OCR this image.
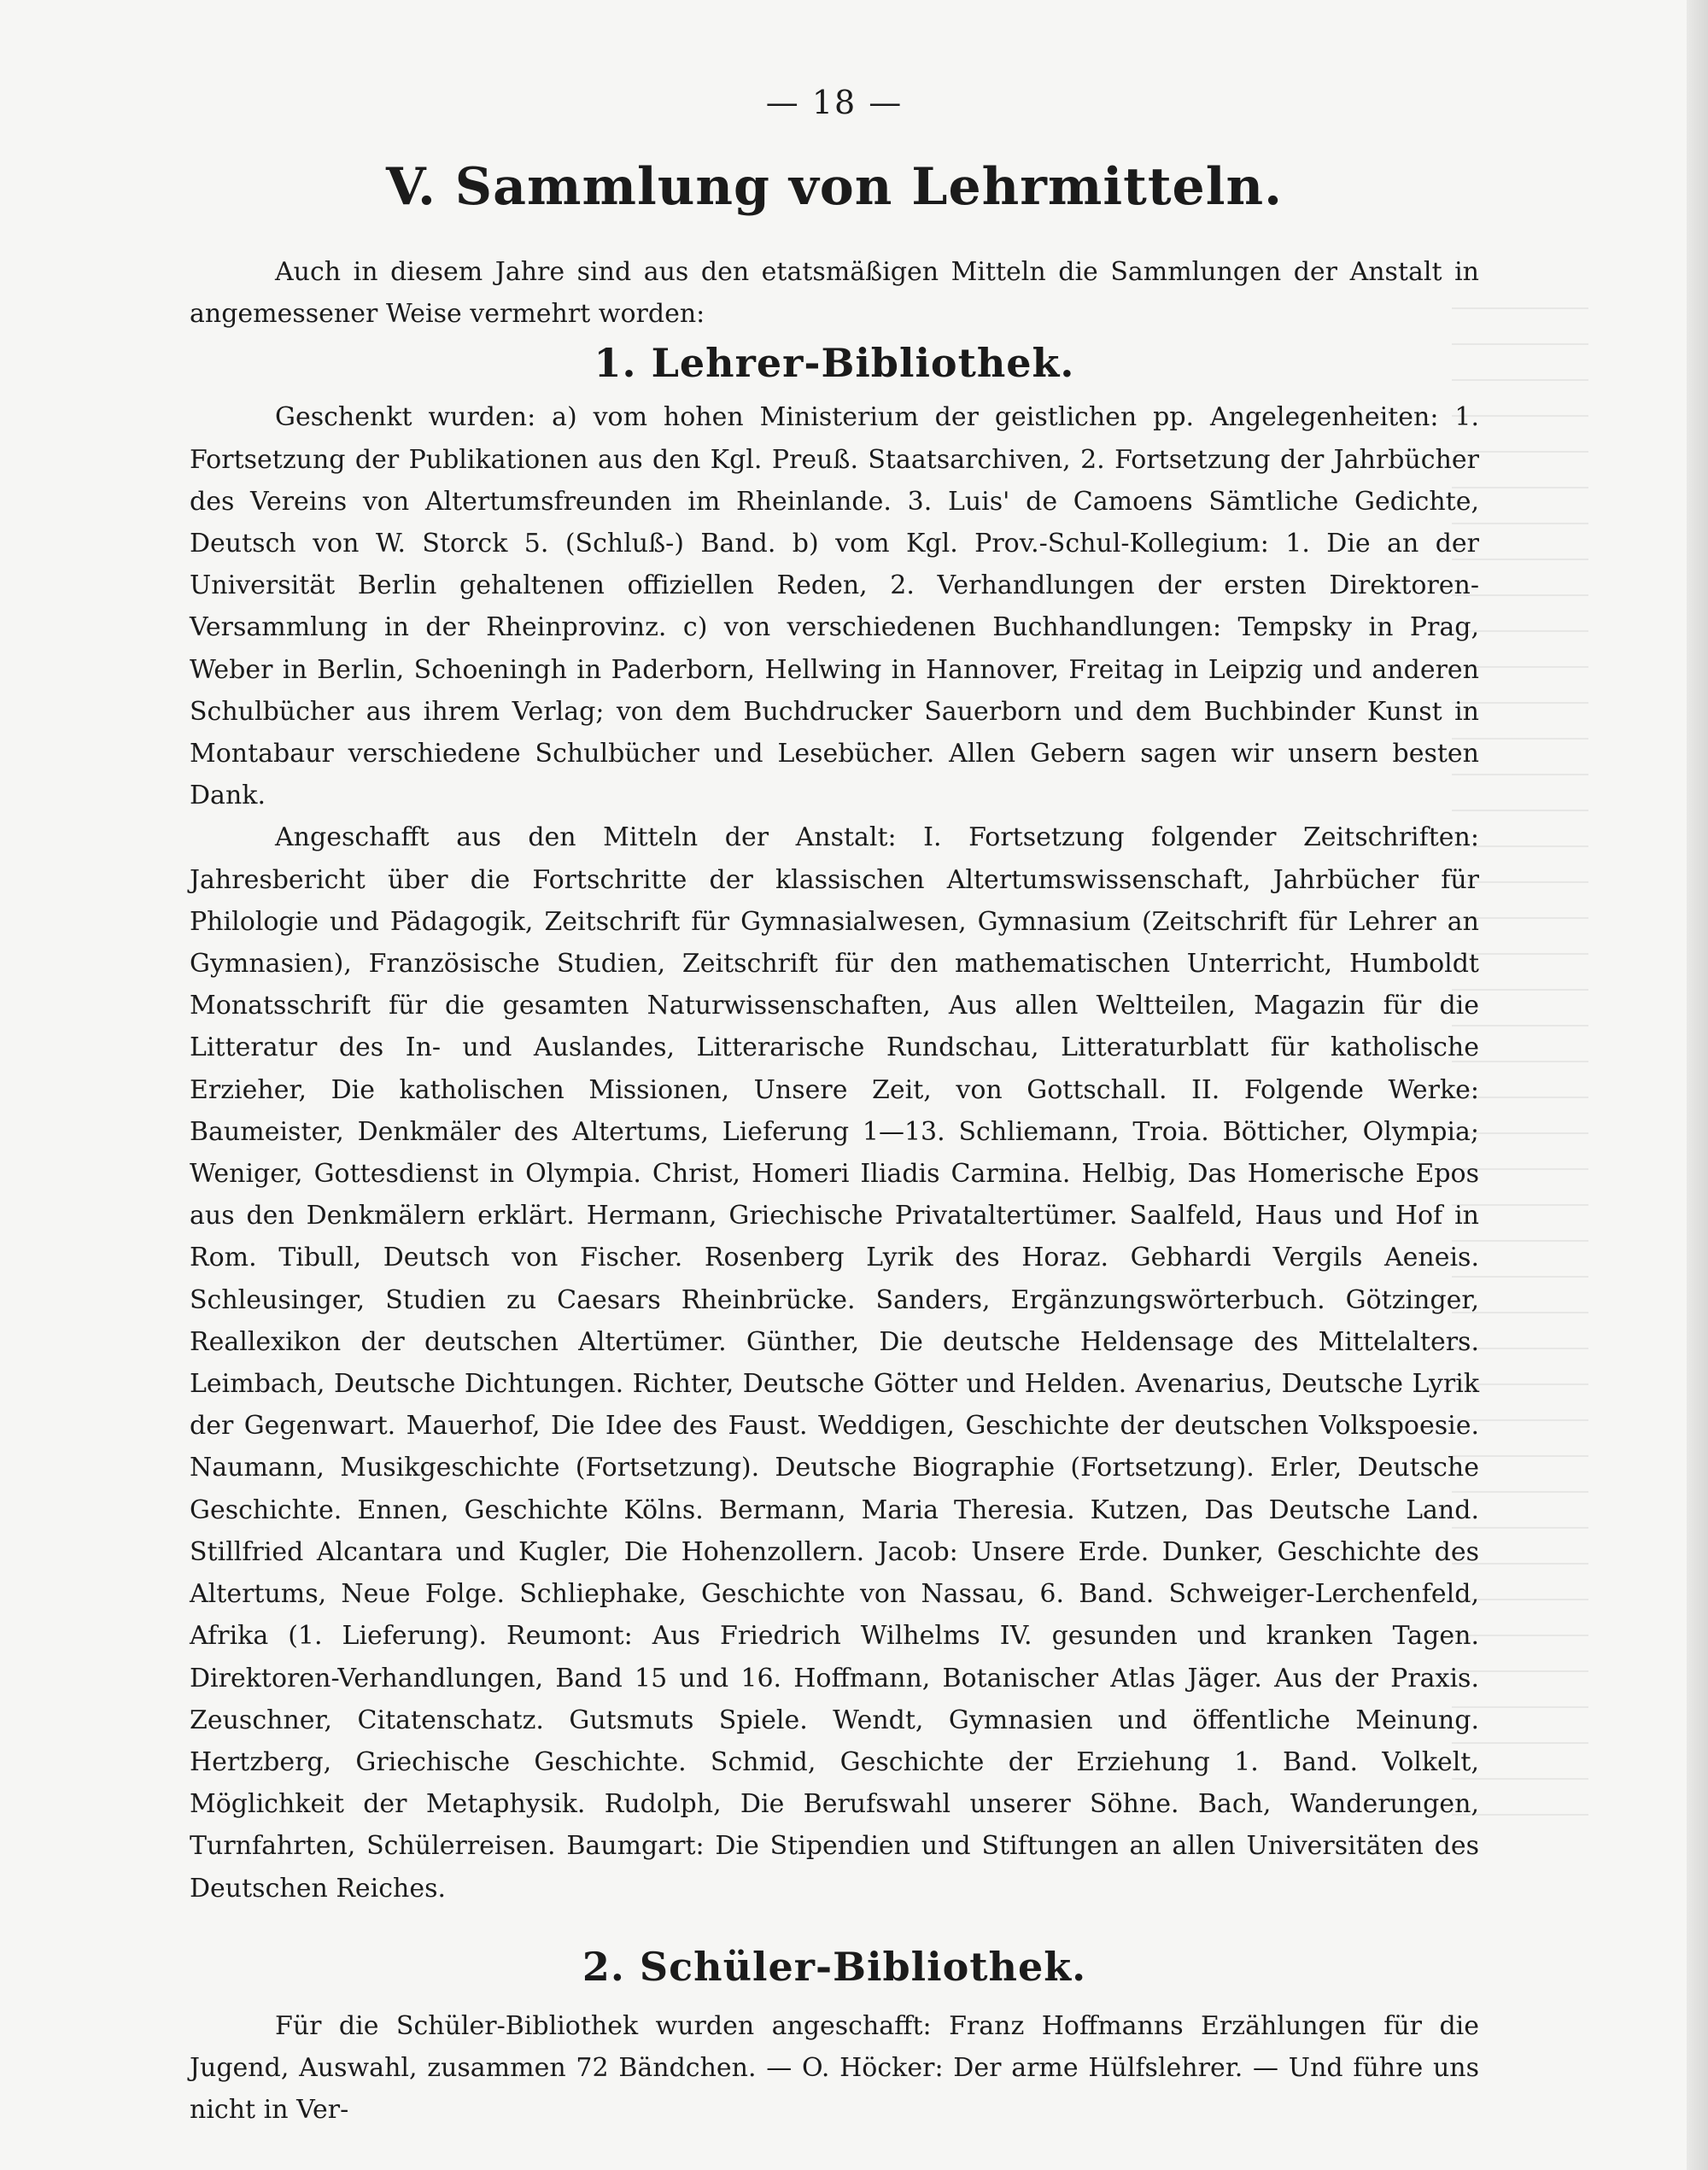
— 18 —
V. Sammlung von Lehrmitteln.

Auch in diesem Jahre sind aus den etatsmäßigen Mitteln die Sammlungen der Anstalt in angemessener Weise vermehrt worden:

1. Lehrer-Bibliothek.

Geschenkt wurden: a) vom hohen Ministerium der geistlichen pp. Angelegenheiten: 1. Fortsetzung der Publikationen aus den Kgl. Preuß. Staatsarchiven, 2. Fortsetzung der Jahrbücher des Vereins von Altertumsfreunden im Rheinlande. 3. Luis' de Camoens Sämtliche Gedichte, Deutsch von W. Storck 5. (Schluß-) Band. b) vom Kgl. Prov.-Schul-Kollegium: 1. Die an der Universität Berlin gehaltenen offiziellen Reden, 2. Verhandlungen der ersten Direktoren-Versammlung in der Rheinprovinz. c) von verschiedenen Buchhandlungen: Tempsky in Prag, Weber in Berlin, Schoeningh in Paderborn, Hellwing in Hannover, Freitag in Leipzig und anderen Schulbücher aus ihrem Verlag; von dem Buchdrucker Sauerborn und dem Buchbinder Kunst in Montabaur verschiedene Schulbücher und Lesebücher. Allen Gebern sagen wir unsern besten Dank.

Angeschafft aus den Mitteln der Anstalt: I. Fortsetzung folgender Zeitschriften: Jahresbericht über die Fortschritte der klassischen Altertumswissenschaft, Jahrbücher für Philologie und Pädagogik, Zeitschrift für Gymnasialwesen, Gymnasium (Zeitschrift für Lehrer an Gymnasien), Französische Studien, Zeitschrift für den mathematischen Unterricht, Humboldt Monatsschrift für die gesamten Naturwissenschaften, Aus allen Weltteilen, Magazin für die Litteratur des In- und Auslandes, Litterarische Rundschau, Litteraturblatt für katholische Erzieher, Die katholischen Missionen, Unsere Zeit, von Gottschall. II. Folgende Werke: Baumeister, Denkmäler des Altertums, Lieferung 1—13. Schliemann, Troia. Bötticher, Olympia; Weniger, Gottesdienst in Olympia. Christ, Homeri Iliadis Carmina. Helbig, Das Homerische Epos aus den Denkmälern erklärt. Hermann, Griechische Privataltertümer. Saalfeld, Haus und Hof in Rom. Tibull, Deutsch von Fischer. Rosenberg Lyrik des Horaz. Gebhardi Vergils Aeneis. Schleusinger, Studien zu Caesars Rheinbrücke. Sanders, Ergänzungswörterbuch. Götzinger, Reallexikon der deutschen Altertümer. Günther, Die deutsche Heldensage des Mittelalters. Leimbach, Deutsche Dichtungen. Richter, Deutsche Götter und Helden. Avenarius, Deutsche Lyrik der Gegenwart. Mauerhof, Die Idee des Faust. Weddigen, Geschichte der deutschen Volkspoesie. Naumann, Musikgeschichte (Fortsetzung). Deutsche Biographie (Fortsetzung). Erler, Deutsche Geschichte. Ennen, Geschichte Kölns. Bermann, Maria Theresia. Kutzen, Das Deutsche Land. Stillfried Alcantara und Kugler, Die Hohenzollern. Jacob: Unsere Erde. Dunker, Geschichte des Altertums, Neue Folge. Schliephake, Geschichte von Nassau, 6. Band. Schweiger-Lerchenfeld, Afrika (1. Lieferung). Reumont: Aus Friedrich Wilhelms IV. gesunden und kranken Tagen. Direktoren-Verhandlungen, Band 15 und 16. Hoffmann, Botanischer Atlas Jäger. Aus der Praxis. Zeuschner, Citatenschatz. Gutsmuts Spiele. Wendt, Gymnasien und öffentliche Meinung. Hertzberg, Griechische Geschichte. Schmid, Geschichte der Erziehung 1. Band. Volkelt, Möglichkeit der Metaphysik. Rudolph, Die Berufswahl unserer Söhne. Bach, Wanderungen, Turnfahrten, Schülerreisen. Baumgart: Die Stipendien und Stiftungen an allen Universitäten des Deutschen Reiches.

2. Schüler-Bibliothek.

Für die Schüler-Bibliothek wurden angeschafft: Franz Hoffmanns Erzählungen für die Jugend, Auswahl, zusammen 72 Bändchen. — O. Höcker: Der arme Hülfslehrer. — Und führe uns nicht in Ver-
